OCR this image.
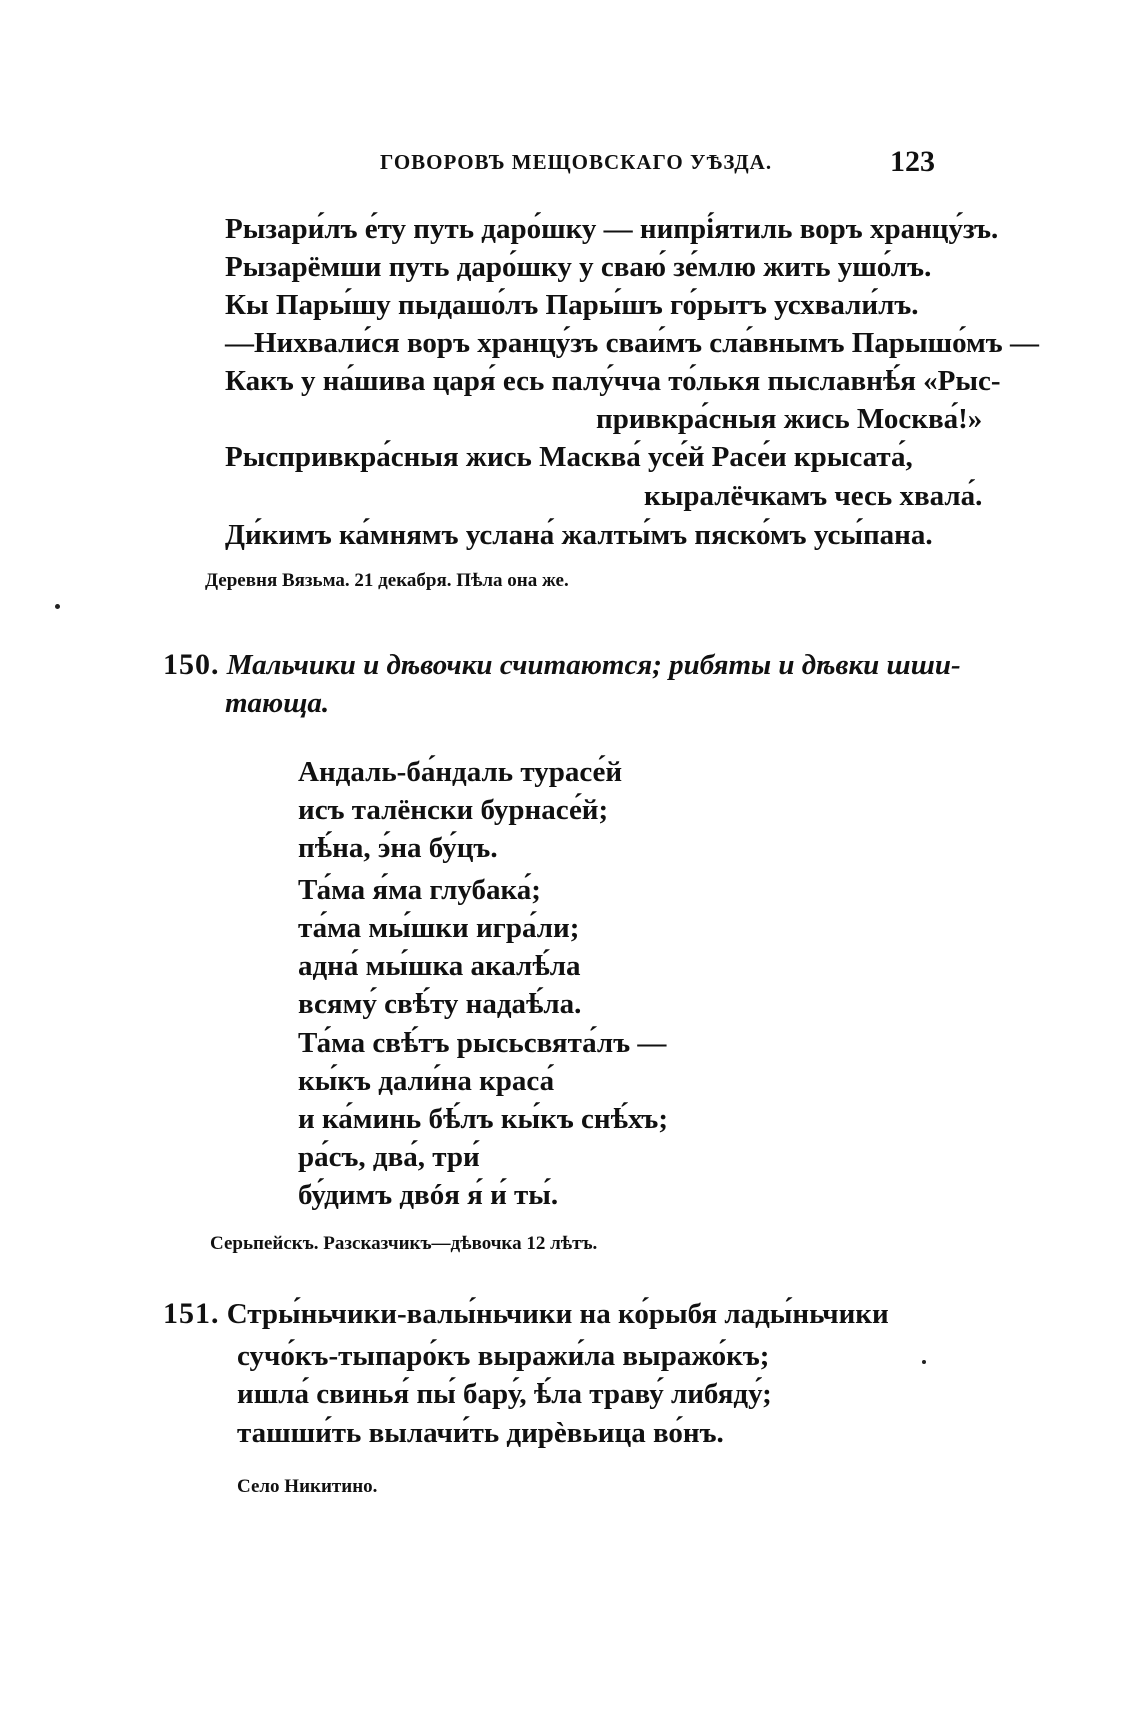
ГОВОРОВЪ МЕЩОВСКАГО УѢЗДА.	123
Рызари́лъ е́ту путь даро́шку — нипрі́ятиль воръ хранцу́зъ.
Рызарёмши путь даро́шку у сваю́ зе́млю жить ушо́лъ.
Кы Пары́шу пыдашо́лъ Пары́шъ го́рытъ усхвали́лъ.
—Нихвали́ся воръ хранцу́зъ сваи́мъ сла́внымъ Парышо́мъ —
Какъ у на́шива царя́ есь палу́чча то́лькя пыславнѣ́я «Рыс-
привкра́сныя жись Москва́!»
Рыспривкра́сныя жись Масква́ усе́й Расе́и крысата́,
кыралёчкамъ чесь хвала́.
Ди́кимъ ка́мнямъ услана́ жалты́мъ пяско́мъ усы́пана.
Деревня Вязьма. 21 декабря. Пѣла она же.
150. Мальчики и дѣвочки считаются; рибяты и дѣвки шши-
тающа.
Андаль-ба́ндаль турасе́й
исъ талёнски бурнасе́й;
пѣ́на, э́на бу́цъ.
Та́ма я́ма глубака́;
та́ма мы́шки игра́ли;
адна́ мы́шка акалѣ́ла
всяму́ свѣ́ту надаѣ́ла.
Та́ма свѣ́тъ рысьсвята́лъ —
кы́къ дали́на краса́
и ка́минь бѣ́лъ кы́къ снѣ́хъ;
ра́съ, два́, три́
бу́димъ двóя я́ и́ ты́.
Серьпейскъ. Разсказчикъ—дѣвочка 12 лѣтъ.
151. Стры́ньчики-валы́ньчики на ко́рыбя лады́ньчики
сучо́къ-тыпаро́къ выражи́ла выражо́къ;
ишла́ свинья́ пы́ бару́, ѣ́ла траву́ либяду́;
ташши́ть вылачи́ть дирѐвьица во́нъ.
Село Никитино.
